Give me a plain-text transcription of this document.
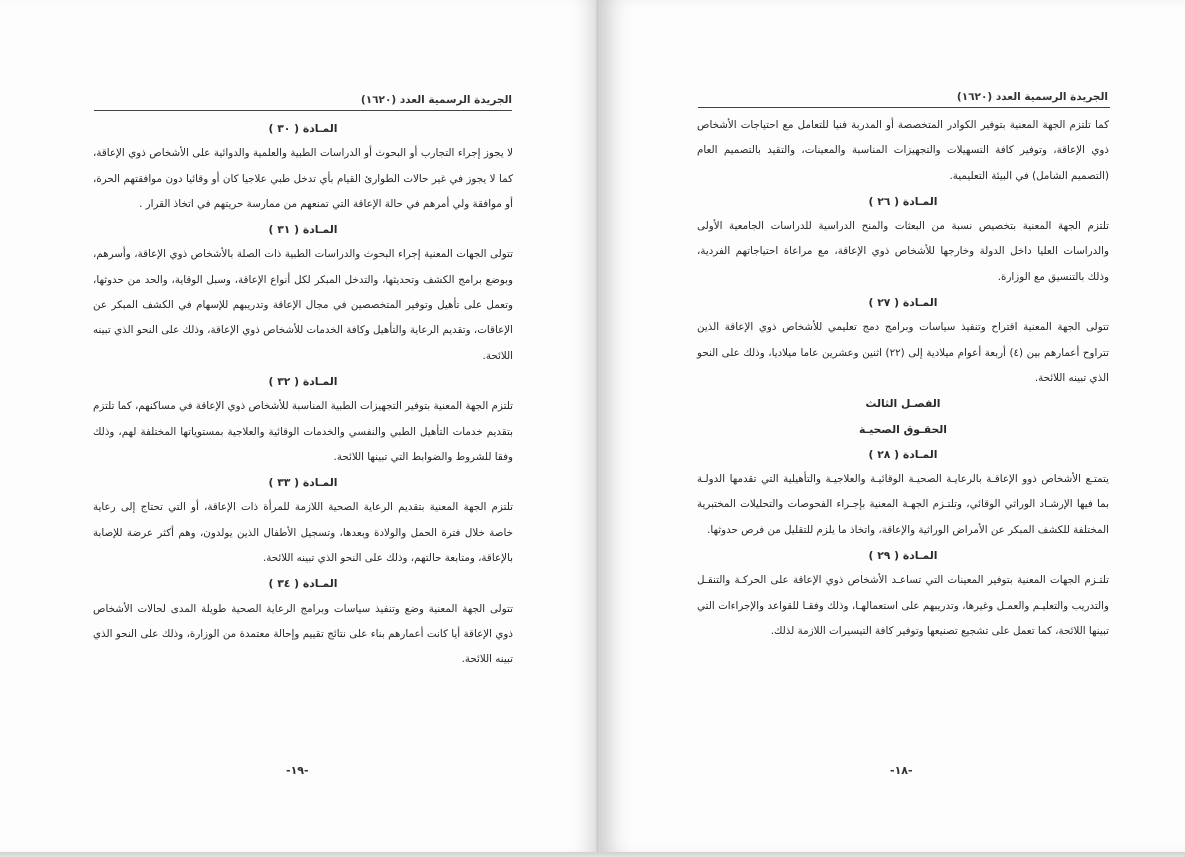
الجريدة الرسمية العدد (١٦٢٠)

المـادة ( ٣٠ )

لا يجوز إجراء التجارب أو البحوث أو الدراسات الطبية والعلمية والدوائية على الأشخاص ذوي الإعاقة، كما لا يجوز في غير حالات الطوارئ القيام بأي تدخل طبي علاجيا كان أو وقائيا دون موافقتهم الحرة، أو موافقة ولي أمرهم في حالة الإعاقة التي تمنعهم من ممارسة حريتهم في اتخاذ القرار .

المـادة ( ٣١ )

تتولى الجهات المعنية إجراء البحوث والدراسات الطبية ذات الصلة بالأشخاص ذوي الإعاقة، وأسرهم، وبوضع برامج الكشف وتحديثها، والتدخل المبكر لكل أنواع الإعاقة، وسبل الوقاية، والحد من حدوثها، وتعمل على تأهيل وتوفير المتخصصين في مجال الإعاقة وتدريبهم للإسهام في الكشف المبكر عن الإعاقات، وتقديم الرعاية والتأهيل وكافة الخدمات للأشخاص ذوي الإعاقة، وذلك على النحو الذي تبينه اللائحة.

المـادة ( ٣٢ )

تلتزم الجهة المعنية بتوفير التجهيزات الطبية المناسبة للأشخاص ذوي الإعاقة في مساكنهم، كما تلتزم بتقديم خدمات التأهيل الطبي والنفسي والخدمات الوقائية والعلاجية بمستوياتها المختلفة لهم، وذلك وفقا للشروط والضوابط التي تبينها اللائحة.

المـادة ( ٣٣ )

تلتزم الجهة المعنية بتقديم الرعاية الصحية اللازمة للمرأة ذات الإعاقة، أو التي تحتاج إلى رعاية خاصة خلال فترة الحمل والولادة وبعدها، وتسجيل الأطفال الذين يولدون، وهم أكثر عرضة للإصابة بالإعاقة، ومتابعة حالتهم، وذلك على النحو الذي تبينه اللائحة.

المـادة ( ٣٤ )

تتولى الجهة المعنية وضع وتنفيذ سياسات وبرامج الرعاية الصحية طويلة المدى لحالات الأشخاص ذوي الإعاقة أيا كانت أعمارهم بناء على نتائج تقييم وإحالة معتمدة من الوزارة، وذلك على النحو الذي تبينه اللائحة.

-١٩-
الجريدة الرسمية العدد (١٦٢٠)

كما تلتزم الجهة المعنية بتوفير الكوادر المتخصصة أو المدربة فنيا للتعامل مع احتياجات الأشخاص ذوي الإعاقة، وتوفير كافة التسهيلات والتجهيزات المناسبة والمعينات، والتقيد بالتصميم العام (التصميم الشامل) في البيئة التعليمية.

المـادة ( ٢٦ )

تلتزم الجهة المعنية بتخصيص نسبة من البعثات والمنح الدراسية للدراسات الجامعية الأولى والدراسات العليا داخل الدولة وخارجها للأشخاص ذوي الإعاقة، مع مراعاة احتياجاتهم الفردية، وذلك بالتنسيق مع الوزارة.

المـادة ( ٢٧ )

تتولى الجهة المعنية اقتراح وتنفيذ سياسات وبرامج دمج تعليمي للأشخاص ذوي الإعاقة الذين تتراوح أعمارهم بين (٤) أربعة أعوام ميلادية إلى (٢٢) اثنين وعشرين عاما ميلاديا، وذلك على النحو الذي تبينه اللائحة.

الفصـل الثالث

الحقـوق الصحيـة

المـادة ( ٢٨ )

يتمتـع الأشخاص ذوو الإعاقـة بالرعايـة الصحيـة الوقائيـة والعلاجيـة والتأهيلية التي تقدمها الدولـة بما فيها الإرشـاد الوراثي الوقائي، وتلتـزم الجهـة المعنية بإجـراء الفحوصات والتحليلات المختبرية المختلفة للكشف المبكر عن الأمراض الوراثية والإعاقة، واتخاذ ما يلزم للتقليل من فرص حدوثها.

المـادة ( ٢٩ )

تلتـزم الجهات المعنية بتوفير المعينات التي تساعـد الأشخاص ذوي الإعاقة على الحركـة والتنقـل والتدريب والتعليـم والعمـل وغيرها، وتدريبهم على استعمالهـا، وذلك وفقـا للقواعد والإجراءات التي تبينها اللائحة، كما تعمل على تشجيع تصنيعها وتوفير كافة التيسيرات اللازمة لذلك.

-١٨-
